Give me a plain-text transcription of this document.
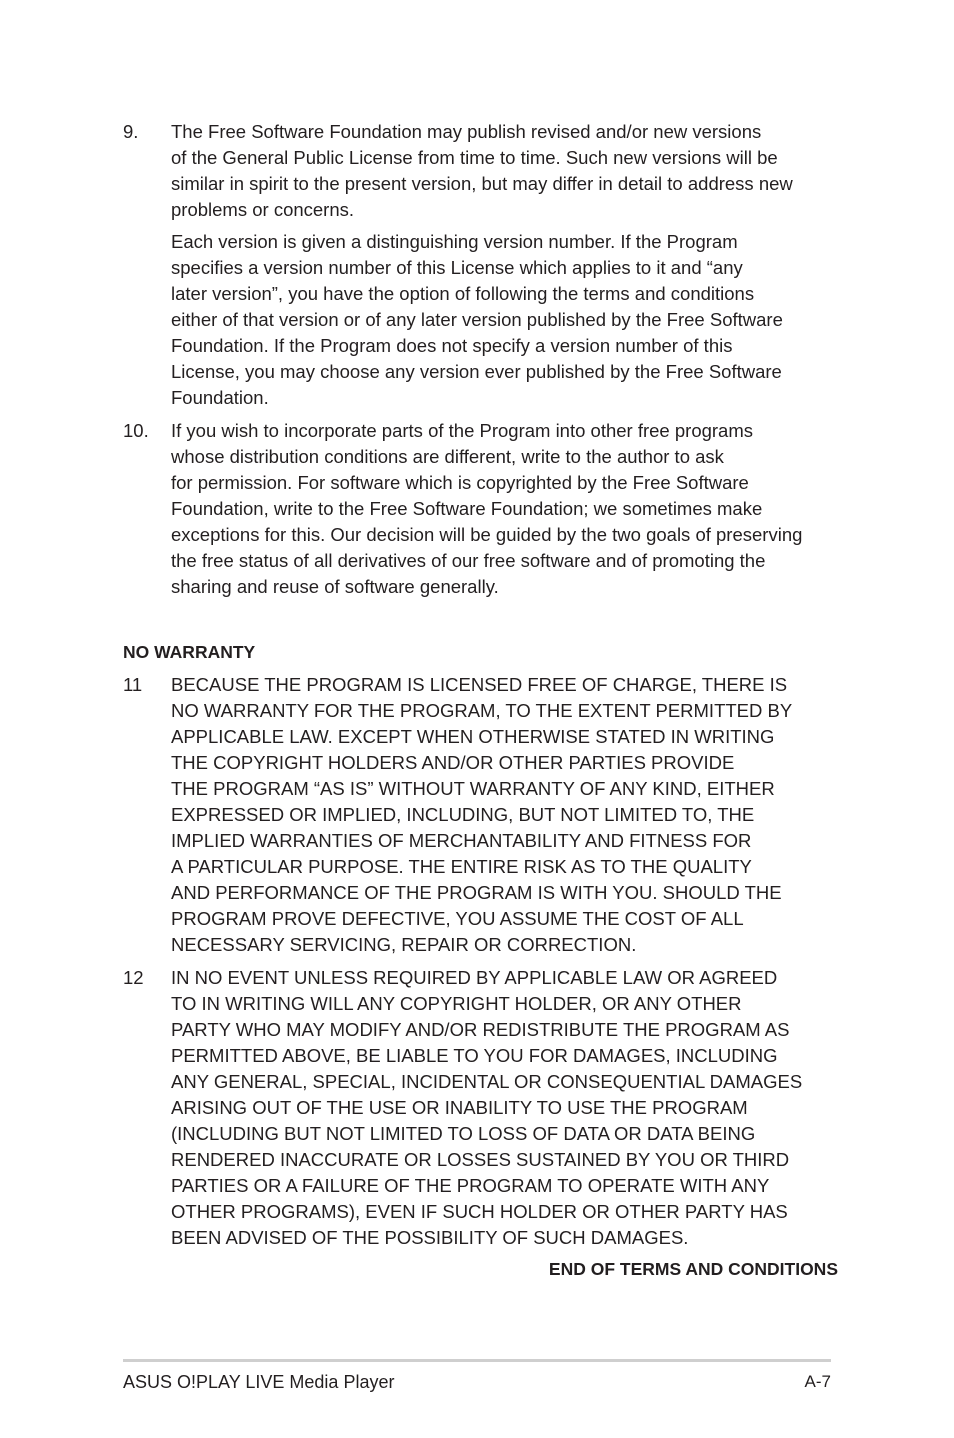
9. The Free Software Foundation may publish revised and/or new versions
of the General Public License from time to time. Such new versions will be
similar in spirit to the present version, but may differ in detail to address new
problems or concerns.
Each version is given a distinguishing version number. If the Program
specifies a version number of this License which applies to it and “any
later version”, you have the option of following the terms and conditions
either of that version or of any later version published by the Free Software
Foundation. If the Program does not specify a version number of this
License, you may choose any version ever published by the Free Software
Foundation.
10. If you wish to incorporate parts of the Program into other free programs
whose distribution conditions are different, write to the author to ask
for permission. For software which is copyrighted by the Free Software
Foundation, write to the Free Software Foundation; we sometimes make
exceptions for this. Our decision will be guided by the two goals of preserving
the free status of all derivatives of our free software and of promoting the
sharing and reuse of software generally.
NO WARRANTY
11 BECAUSE THE PROGRAM IS LICENSED FREE OF CHARGE, THERE IS
NO WARRANTY FOR THE PROGRAM, TO THE EXTENT PERMITTED BY
APPLICABLE LAW. EXCEPT WHEN OTHERWISE STATED IN WRITING
THE COPYRIGHT HOLDERS AND/OR OTHER PARTIES PROVIDE
THE PROGRAM “AS IS” WITHOUT WARRANTY OF ANY KIND, EITHER
EXPRESSED OR IMPLIED, INCLUDING, BUT NOT LIMITED TO, THE
IMPLIED WARRANTIES OF MERCHANTABILITY AND FITNESS FOR
A PARTICULAR PURPOSE. THE ENTIRE RISK AS TO THE QUALITY
AND PERFORMANCE OF THE PROGRAM IS WITH YOU. SHOULD THE
PROGRAM PROVE DEFECTIVE, YOU ASSUME THE COST OF ALL
NECESSARY SERVICING, REPAIR OR CORRECTION.
12 IN NO EVENT UNLESS REQUIRED BY APPLICABLE LAW OR AGREED
TO IN WRITING WILL ANY COPYRIGHT HOLDER, OR ANY OTHER
PARTY WHO MAY MODIFY AND/OR REDISTRIBUTE THE PROGRAM AS
PERMITTED ABOVE, BE LIABLE TO YOU FOR DAMAGES, INCLUDING
ANY GENERAL, SPECIAL, INCIDENTAL OR CONSEQUENTIAL DAMAGES
ARISING OUT OF THE USE OR INABILITY TO USE THE PROGRAM
(INCLUDING BUT NOT LIMITED TO LOSS OF DATA OR DATA BEING
RENDERED INACCURATE OR LOSSES SUSTAINED BY YOU OR THIRD
PARTIES OR A FAILURE OF THE PROGRAM TO OPERATE WITH ANY
OTHER PROGRAMS), EVEN IF SUCH HOLDER OR OTHER PARTY HAS
BEEN ADVISED OF THE POSSIBILITY OF SUCH DAMAGES.
END OF TERMS AND CONDITIONS
ASUS O!PLAY LIVE Media Player	A-7
